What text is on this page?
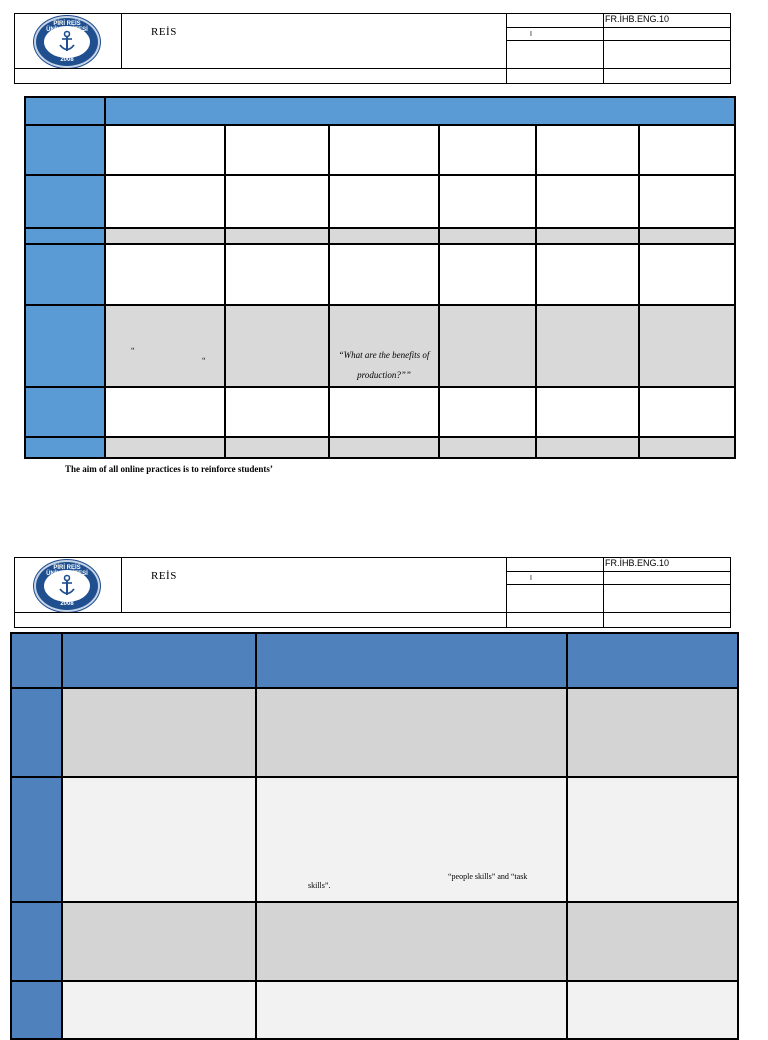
PİRİ REİS ÜNİVERSİTESİ
2008
REİS
FR.İHB.ENG.10
I
“
“
“What are the benefits of production?””
The aim of all online practices is to reinforce students’
PİRİ REİS ÜNİVERSİTESİ
2008
REİS
FR.İHB.ENG.10
I
“people skills” and “task
skills”.
